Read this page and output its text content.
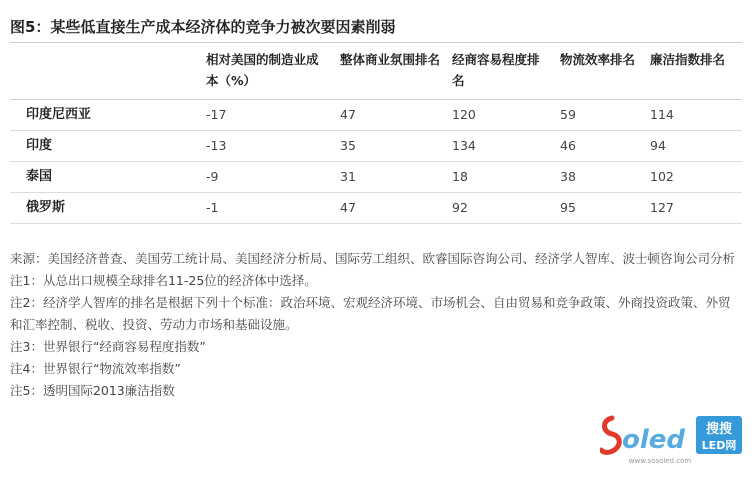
图5：某些低直接生产成本经济体的竞争力被次要因素削弱
	相对美国的制造业成本（%）	整体商业氛围排名	经商容易程度排名	物流效率排名	廉洁指数排名
印度尼西亚	-17	47	120	59	114
印度	-13	35	134	46	94
泰国	-9	31	18	38	102
俄罗斯	-1	47	92	95	127

来源：美国经济普查、美国劳工统计局、美国经济分析局、国际劳工组织、欧睿国际咨询公司、经济学人智库、波士顿咨询公司分析

注1：从总出口规模全球排名11-25位的经济体中选择。

注2：经济学人智库的排名是根据下列十个标准：政治环境、宏观经济环境、市场机会、自由贸易和竞争政策、外商投资政策、外贸和汇率控制、税收、投资、劳动力市场和基础设施。

注3：世界银行“经商容易程度指数”

注4：世界银行“物流效率指数”

注5：透明国际2013廉洁指数

oled 搜搜
LED网
www.sosoled.com
